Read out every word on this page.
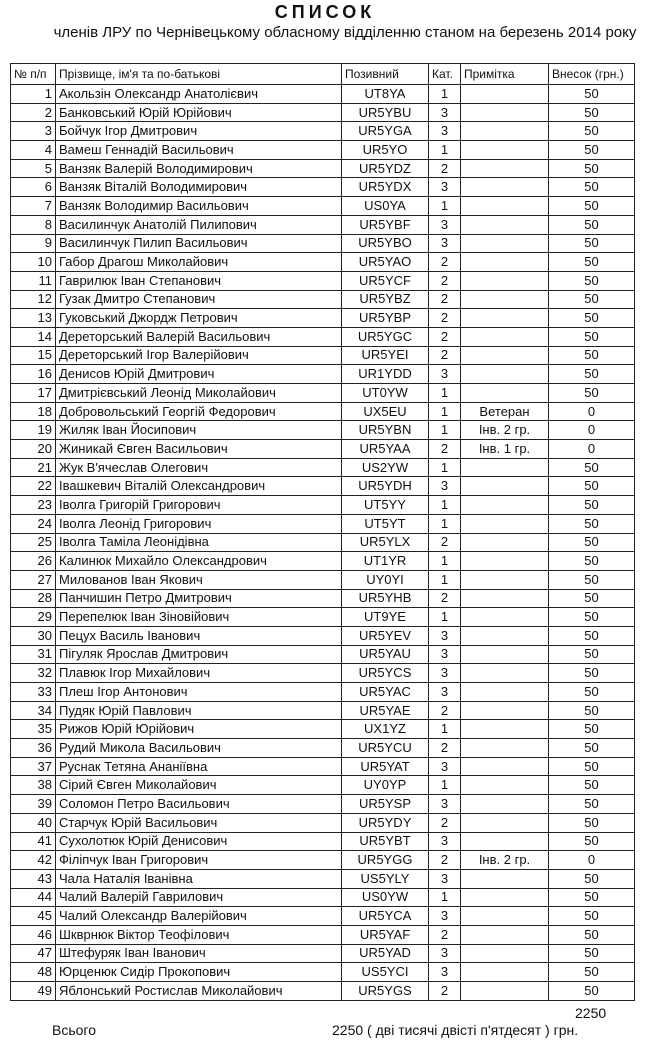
СПИСОК
членів ЛРУ по Чернівецькому обласному відділенню станом на березень 2014 року
№ п/п	Прізвище, ім'я та по-батькові	Позивний	Кат.	Примітка	Внесок (грн.)
1	Акользін Олександр Анатолієвич	UT8YA	1		50
2	Банковський Юрій Юрійович	UR5YBU	3		50
3	Бойчук Ігор Дмитрович	UR5YGA	3		50
4	Вамеш Геннадій Васильович	UR5YO	1		50
5	Ванзяк Валерій Володимирович	UR5YDZ	2		50
6	Ванзяк Віталій Володимирович	UR5YDX	3		50
7	Ванзяк Володимир Васильович	US0YA	1		50
8	Василинчук Анатолій Пилипович	UR5YBF	3		50
9	Василинчук Пилип Васильович	UR5YBO	3		50
10	Габор Драгош Миколайович	UR5YAO	2		50
11	Гаврилюк Іван Степанович	UR5YCF	2		50
12	Гузак Дмитро Степанович	UR5YBZ	2		50
13	Гуковський Джордж Петрович	UR5YBP	2		50
14	Дереторський Валерій Васильович	UR5YGC	2		50
15	Дереторський Ігор Валерійович	UR5YEI	2		50
16	Денисов Юрій Дмитрович	UR1YDD	3		50
17	Дмитрієвський Леонід Миколайович	UT0YW	1		50
18	Добровольський Георгій Федорович	UX5EU	1	Ветеран	0
19	Жиляк Іван Йосипович	UR5YBN	1	Інв. 2 гр.	0
20	Жиникай Євген Васильович	UR5YAA	2	Інв. 1 гр.	0
21	Жук В'ячеслав Олегович	US2YW	1		50
22	Івашкевич Віталій Олександрович	UR5YDH	3		50
23	Іволга Григорій Григорович	UT5YY	1		50
24	Іволга Леонід Григорович	UT5YT	1		50
25	Іволга Таміла Леонідівна	UR5YLX	2		50
26	Калинюк Михайло Олександрович	UT1YR	1		50
27	Милованов Іван Якович	UY0YI	1		50
28	Панчишин Петро Дмитрович	UR5YHB	2		50
29	Перепелюк Іван Зіновійович	UT9YE	1		50
30	Пецух Василь Іванович	UR5YEV	3		50
31	Пігуляк Ярослав Дмитрович	UR5YAU	3		50
32	Плавюк Ігор Михайлович	UR5YCS	3		50
33	Плеш Ігор Антонович	UR5YAC	3		50
34	Пудяк Юрій Павлович	UR5YAE	2		50
35	Рижов Юрій Юрійович	UX1YZ	1		50
36	Рудий Микола Васильович	UR5YCU	2		50
37	Руснак Тетяна Ананіївна	UR5YAT	3		50
38	Сірий Євген Миколайович	UY0YP	1		50
39	Соломон Петро Васильович	UR5YSP	3		50
40	Старчук Юрій Васильович	UR5YDY	2		50
41	Сухолотюк Юрій Денисович	UR5YBT	3		50
42	Філіпчук Іван Григорович	UR5YGG	2	Інв. 2 гр.	0
43	Чала Наталія Іванівна	US5YLY	3		50
44	Чалий Валерій Гаврилович	US0YW	1		50
45	Чалий Олександр Валерійович	UR5YCA	3		50
46	Шкврнюк Віктор Теофілович	UR5YAF	2		50
47	Штефуряк Іван Іванович	UR5YAD	3		50
48	Юрценюк Сидір Прокопович	US5YCI	3		50
49	Яблонський Ростислав Миколайович	UR5YGS	2		50
2250
Всього	2250 ( дві тисячі двісті п'ятдесят ) грн.
